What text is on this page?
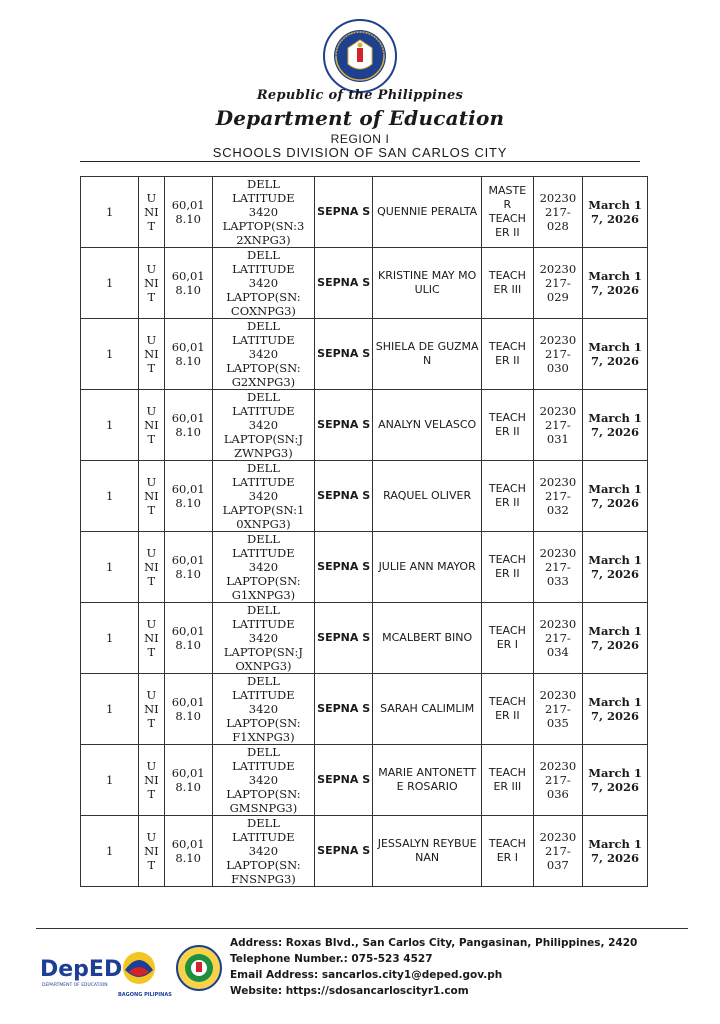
Republic of the Philippines
Department of Education
REGION I
SCHOOLS DIVISION OF SAN CARLOS CITY
1	U
NI
T	60,01
8.10	DELL
LATITUDE
3420
LAPTOP(SN:3
2XNPG3)	SEPNA S	QUENNIE PERALTA	MASTE
R
TEACH
ER II	20230
217-
028	March 17, 2026
1	U
NI
T	60,01
8.10	DELL
LATITUDE
3420
LAPTOP(SN:
COXNPG3)	SEPNA S	KRISTINE MAY MOULIC	TEACH
ER III	20230
217-
029	March 17, 2026
1	U
NI
T	60,01
8.10	DELL
LATITUDE
3420
LAPTOP(SN:
G2XNPG3)	SEPNA S	SHIELA DE GUZMAN	TEACH
ER II	20230
217-
030	March 17, 2026
1	U
NI
T	60,01
8.10	DELL
LATITUDE
3420
LAPTOP(SN:J
ZWNPG3)	SEPNA S	ANALYN VELASCO	TEACH
ER II	20230
217-
031	March 17, 2026
1	U
NI
T	60,01
8.10	DELL
LATITUDE
3420
LAPTOP(SN:1
0XNPG3)	SEPNA S	RAQUEL OLIVER	TEACH
ER II	20230
217-
032	March 17, 2026
1	U
NI
T	60,01
8.10	DELL
LATITUDE
3420
LAPTOP(SN:
G1XNPG3)	SEPNA S	JULIE ANN MAYOR	TEACH
ER II	20230
217-
033	March 17, 2026
1	U
NI
T	60,01
8.10	DELL
LATITUDE
3420
LAPTOP(SN:J
OXNPG3)	SEPNA S	MCALBERT BINO	TEACH
ER I	20230
217-
034	March 17, 2026
1	U
NI
T	60,01
8.10	DELL
LATITUDE
3420
LAPTOP(SN:
F1XNPG3)	SEPNA S	SARAH CALIMLIM	TEACH
ER II	20230
217-
035	March 17, 2026
1	U
NI
T	60,01
8.10	DELL
LATITUDE
3420
LAPTOP(SN:
GMSNPG3)	SEPNA S	MARIE ANTONETTE ROSARIO	TEACH
ER III	20230
217-
036	March 17, 2026
1	U
NI
T	60,01
8.10	DELL
LATITUDE
3420
LAPTOP(SN:
FNSNPG3)	SEPNA S	JESSALYN REYBUENAN	TEACH
ER I	20230
217-
037	March 17, 2026
DepED
DEPARTMENT OF EDUCATION
BAGONG PILIPINAS
Address: Roxas Blvd., San Carlos City, Pangasinan, Philippines, 2420
Telephone Number.: 075-523 4527
Email Address: sancarlos.city1@deped.gov.ph
Website: https://sdosancarloscityr1.com
